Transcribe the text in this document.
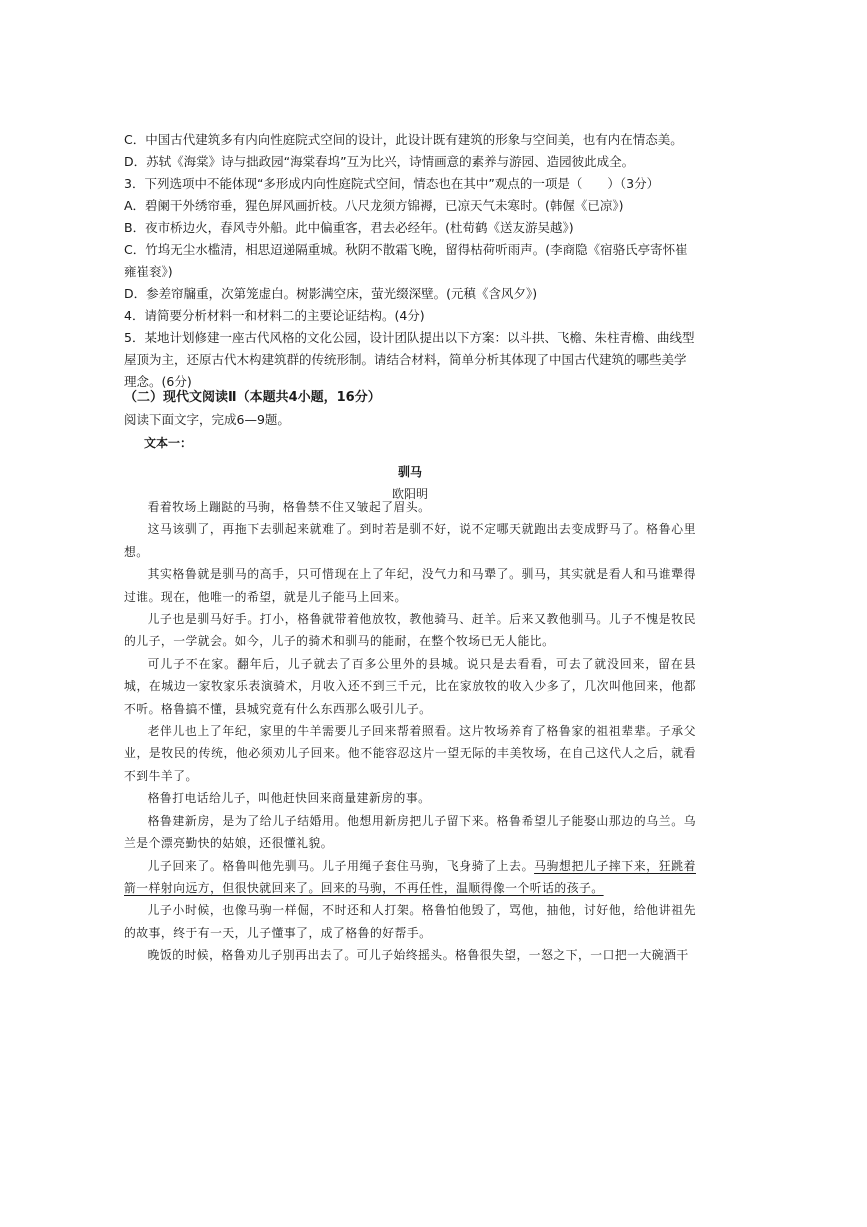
C．中国古代建筑多有内向性庭院式空间的设计，此设计既有建筑的形象与空间美，也有内在情态美。

D．苏轼《海棠》诗与拙政园“海棠春坞”互为比兴，诗情画意的素养与游园、造园彼此成全。

3．下列选项中不能体现“多形成内向性庭院式空间，情态也在其中”观点的一项是（　　）（3分）

A．碧阑干外绣帘垂，猩色屏风画折枝。八尺龙须方锦褥，已凉天气未寒时。(韩偓《已凉》)

B．夜市桥边火，春风寺外船。此中偏重客，君去必经年。(杜荀鹤《送友游吴越》)

C．竹坞无尘水槛清，相思迢递隔重城。秋阴不散霜飞晚，留得枯荷听雨声。(李商隐《宿骆氏亭寄怀崔雍崔衮》)

D．参差帘牖重，次第笼虚白。树影满空床，萤光缀深壁。(元稹《含风夕》)

4．请简要分析材料一和材料二的主要论证结构。(4分)

5．某地计划修建一座古代风格的文化公园，设计团队提出以下方案：以斗拱、飞檐、朱柱青檐、曲线型屋顶为主，还原古代木构建筑群的传统形制。请结合材料，简单分析其体现了中国古代建筑的哪些美学理念。(6分)

（二）现代文阅读Ⅱ（本题共4小题，16分）

阅读下面文字，完成6—9题。

文本一：

驯马

欧阳明

看着牧场上蹦跶的马驹，格鲁禁不住又皱起了眉头。

这马该驯了，再拖下去驯起来就难了。到时若是驯不好，说不定哪天就跑出去变成野马了。格鲁心里想。

其实格鲁就是驯马的高手，只可惜现在上了年纪，没气力和马犟了。驯马，其实就是看人和马谁犟得过谁。现在，他唯一的希望，就是儿子能马上回来。

儿子也是驯马好手。打小，格鲁就带着他放牧，教他骑马、赶羊。后来又教他驯马。儿子不愧是牧民的儿子，一学就会。如今，儿子的骑术和驯马的能耐，在整个牧场已无人能比。

可儿子不在家。翻年后，儿子就去了百多公里外的县城。说只是去看看，可去了就没回来，留在县城，在城边一家牧家乐表演骑术，月收入还不到三千元，比在家放牧的收入少多了，几次叫他回来，他都不听。格鲁搞不懂，县城究竟有什么东西那么吸引儿子。

老伴儿也上了年纪，家里的牛羊需要儿子回来帮着照看。这片牧场养育了格鲁家的祖祖辈辈。子承父业，是牧民的传统，他必须劝儿子回来。他不能容忍这片一望无际的丰美牧场，在自己这代人之后，就看不到牛羊了。

格鲁打电话给儿子，叫他赶快回来商量建新房的事。

格鲁建新房，是为了给儿子结婚用。他想用新房把儿子留下来。格鲁希望儿子能娶山那边的乌兰。乌兰是个漂亮勤快的姑娘，还很懂礼貌。

儿子回来了。格鲁叫他先驯马。儿子用绳子套住马驹，飞身骑了上去。马驹想把儿子摔下来，狂跳着箭一样射向远方，但很快就回来了。回来的马驹，不再任性，温顺得像一个听话的孩子。

儿子小时候，也像马驹一样倔，不时还和人打架。格鲁怕他毁了，骂他，抽他，讨好他，给他讲祖先的故事，终于有一天，儿子懂事了，成了格鲁的好帮手。

晚饭的时候，格鲁劝儿子别再出去了。可儿子始终摇头。格鲁很失望，一怒之下，一口把一大碗酒干
